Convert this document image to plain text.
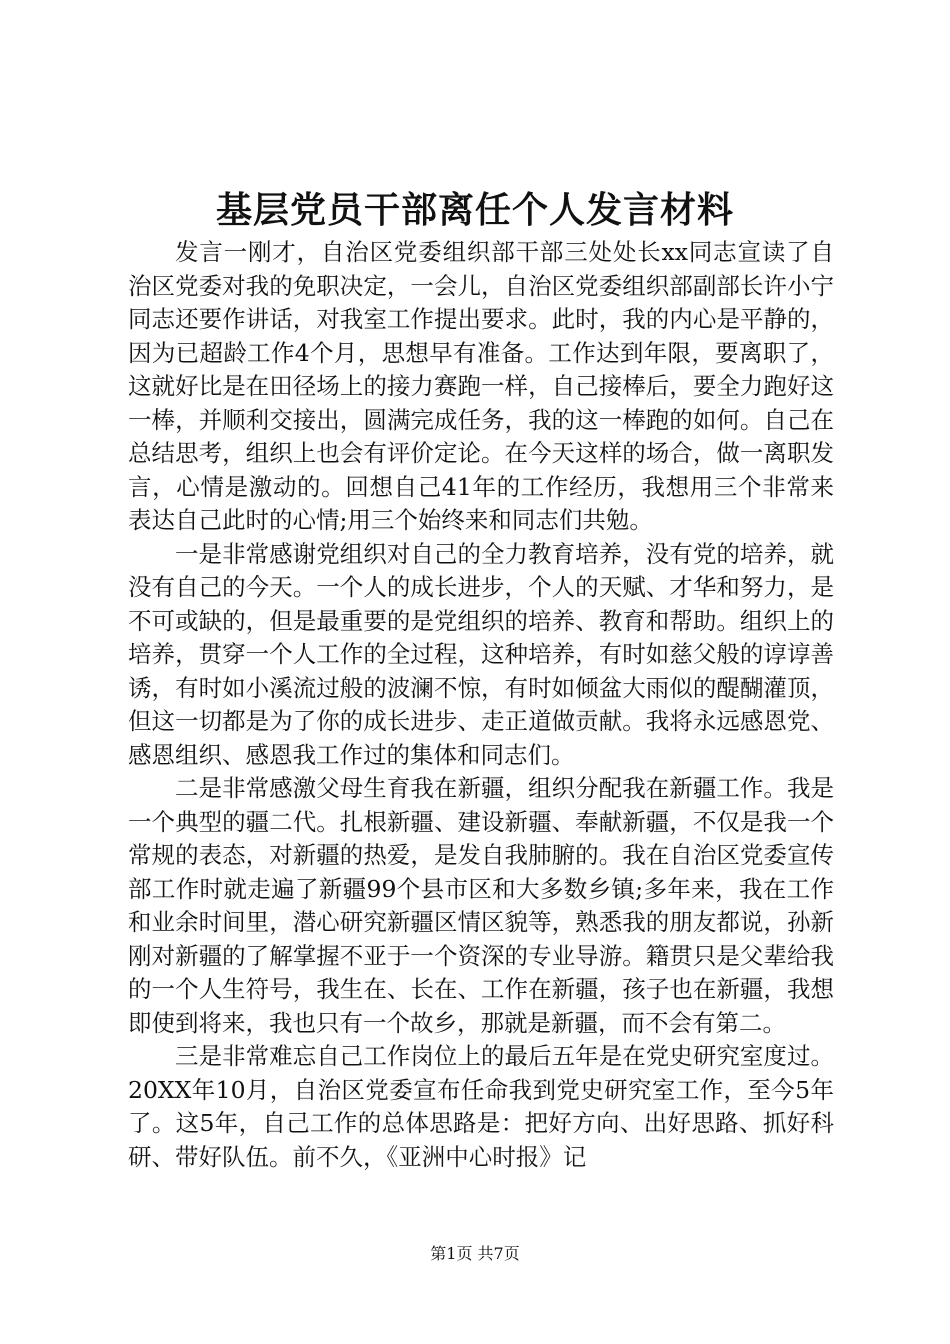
基层党员干部离任个人发言材料

发言一刚才，自治区党委组织部干部三处处长xx同志宣读了自治区党委对我的免职决定，一会儿，自治区党委组织部副部长许小宁同志还要作讲话，对我室工作提出要求。此时，我的内心是平静的，因为已超龄工作4个月，思想早有准备。工作达到年限，要离职了，这就好比是在田径场上的接力赛跑一样，自己接棒后，要全力跑好这一棒，并顺利交接出，圆满完成任务，我的这一棒跑的如何。自己在总结思考，组织上也会有评价定论。在今天这样的场合，做一离职发言，心情是激动的。回想自己41年的工作经历，我想用三个非常来表达自己此时的心情;用三个始终来和同志们共勉。

一是非常感谢党组织对自己的全力教育培养，没有党的培养，就没有自己的今天。一个人的成长进步，个人的天赋、才华和努力，是不可或缺的，但是最重要的是党组织的培养、教育和帮助。组织上的培养，贯穿一个人工作的全过程，这种培养，有时如慈父般的谆谆善诱，有时如小溪流过般的波澜不惊，有时如倾盆大雨似的醍醐灌顶，但这一切都是为了你的成长进步、走正道做贡献。我将永远感恩党、感恩组织、感恩我工作过的集体和同志们。

二是非常感激父母生育我在新疆，组织分配我在新疆工作。我是一个典型的疆二代。扎根新疆、建设新疆、奉献新疆，不仅是我一个常规的表态，对新疆的热爱，是发自我肺腑的。我在自治区党委宣传部工作时就走遍了新疆99个县市区和大多数乡镇;多年来，我在工作和业余时间里，潜心研究新疆区情区貌等，熟悉我的朋友都说，孙新刚对新疆的了解掌握不亚于一个资深的专业导游。籍贯只是父辈给我的一个人生符号，我生在、长在、工作在新疆，孩子也在新疆，我想即使到将来，我也只有一个故乡，那就是新疆，而不会有第二。

三是非常难忘自己工作岗位上的最后五年是在党史研究室度过。20XX年10月，自治区党委宣布任命我到党史研究室工作，至今5年了。这5年，自己工作的总体思路是：把好方向、出好思路、抓好科研、带好队伍。前不久，《亚洲中心时报》记

第1页 共7页
